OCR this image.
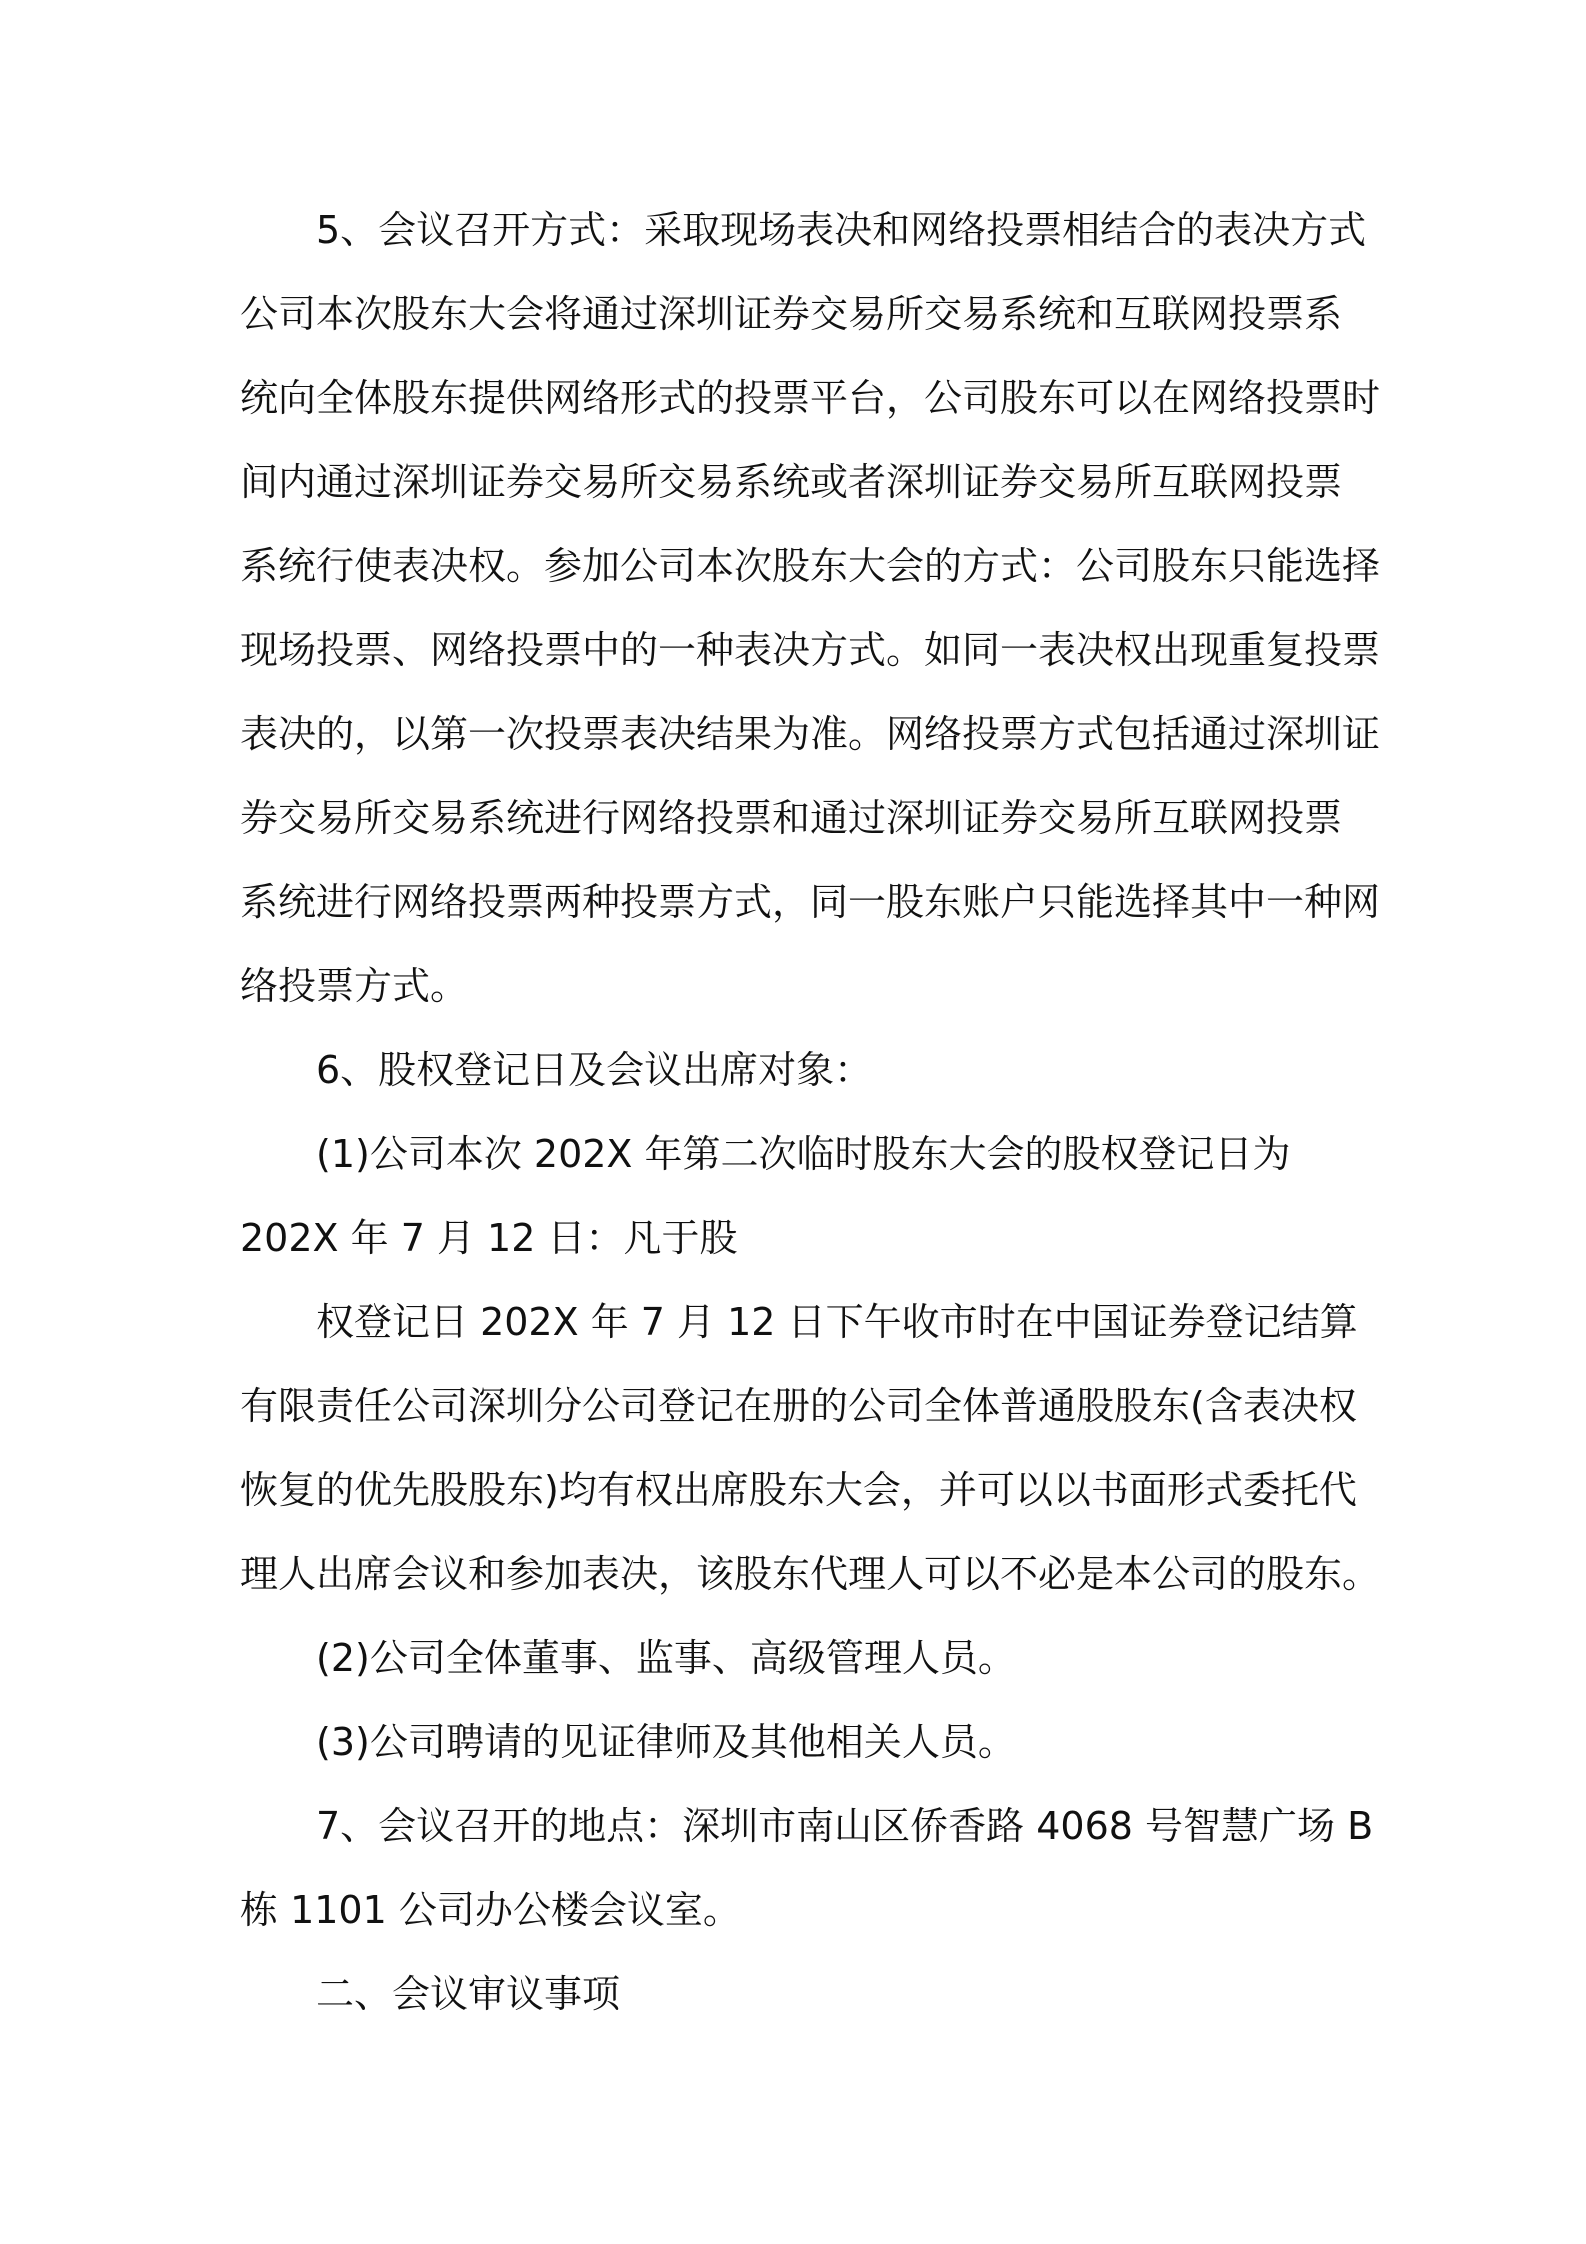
5、会议召开方式：采取现场表决和网络投票相结合的表决方式
公司本次股东大会将通过深圳证券交易所交易系统和互联网投票系
统向全体股东提供网络形式的投票平台，公司股东可以在网络投票时
间内通过深圳证券交易所交易系统或者深圳证券交易所互联网投票
系统行使表决权。参加公司本次股东大会的方式：公司股东只能选择
现场投票、网络投票中的一种表决方式。如同一表决权出现重复投票
表决的，以第一次投票表决结果为准。网络投票方式包括通过深圳证
券交易所交易系统进行网络投票和通过深圳证券交易所互联网投票
系统进行网络投票两种投票方式，同一股东账户只能选择其中一种网
络投票方式。
6、股权登记日及会议出席对象：
(1)公司本次 202X 年第二次临时股东大会的股权登记日为
202X 年 7 月 12 日：凡于股
权登记日 202X 年 7 月 12 日下午收市时在中国证券登记结算
有限责任公司深圳分公司登记在册的公司全体普通股股东(含表决权
恢复的优先股股东)均有权出席股东大会，并可以以书面形式委托代
理人出席会议和参加表决，该股东代理人可以不必是本公司的股东。
(2)公司全体董事、监事、高级管理人员。
(3)公司聘请的见证律师及其他相关人员。
7、会议召开的地点：深圳市南山区侨香路 4068 号智慧广场 B
栋 1101 公司办公楼会议室。
二、会议审议事项
